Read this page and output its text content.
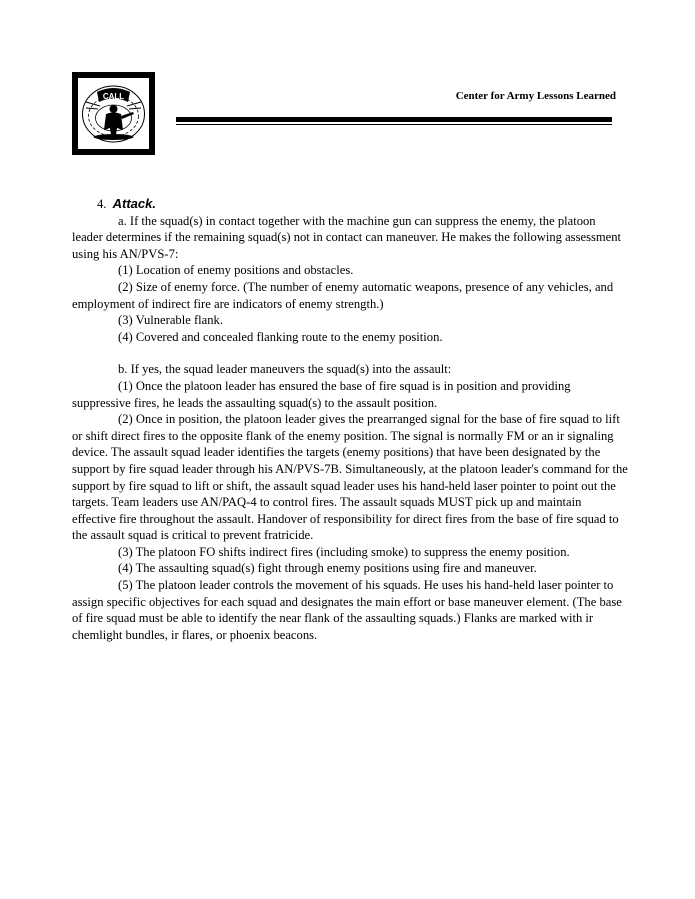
CALL	Center for Army Lessons Learned

4. Attack.

a. If the squad(s) in contact together with the machine gun can suppress the enemy, the platoon leader determines if the remaining squad(s) not in contact can maneuver. He makes the following assessment using his AN/PVS-7:

(1) Location of enemy positions and obstacles.

(2) Size of enemy force. (The number of enemy automatic weapons, presence of any vehicles, and employment of indirect fire are indicators of enemy strength.)

(3) Vulnerable flank.

(4) Covered and concealed flanking route to the enemy position.

b. If yes, the squad leader maneuvers the squad(s) into the assault:

(1) Once the platoon leader has ensured the base of fire squad is in position and providing suppressive fires, he leads the assaulting squad(s) to the assault position.

(2) Once in position, the platoon leader gives the prearranged signal for the base of fire squad to lift or shift direct fires to the opposite flank of the enemy position. The signal is normally FM or an ir signaling device. The assault squad leader identifies the targets (enemy positions) that have been designated by the support by fire squad leader through his AN/PVS-7B. Simultaneously, at the platoon leader's command for the support by fire squad to lift or shift, the assault squad leader uses his hand-held laser pointer to point out the targets. Team leaders use AN/PAQ-4 to control fires. The assault squads MUST pick up and maintain effective fire throughout the assault. Handover of responsibility for direct fires from the base of fire squad to the assault squad is critical to prevent fratricide.

(3) The platoon FO shifts indirect fires (including smoke) to suppress the enemy position.

(4) The assaulting squad(s) fight through enemy positions using fire and maneuver.

(5) The platoon leader controls the movement of his squads. He uses his hand-held laser pointer to assign specific objectives for each squad and designates the main effort or base maneuver element. (The base of fire squad must be able to identify the near flank of the assaulting squads.) Flanks are marked with ir chemlight bundles, ir flares, or phoenix beacons.
